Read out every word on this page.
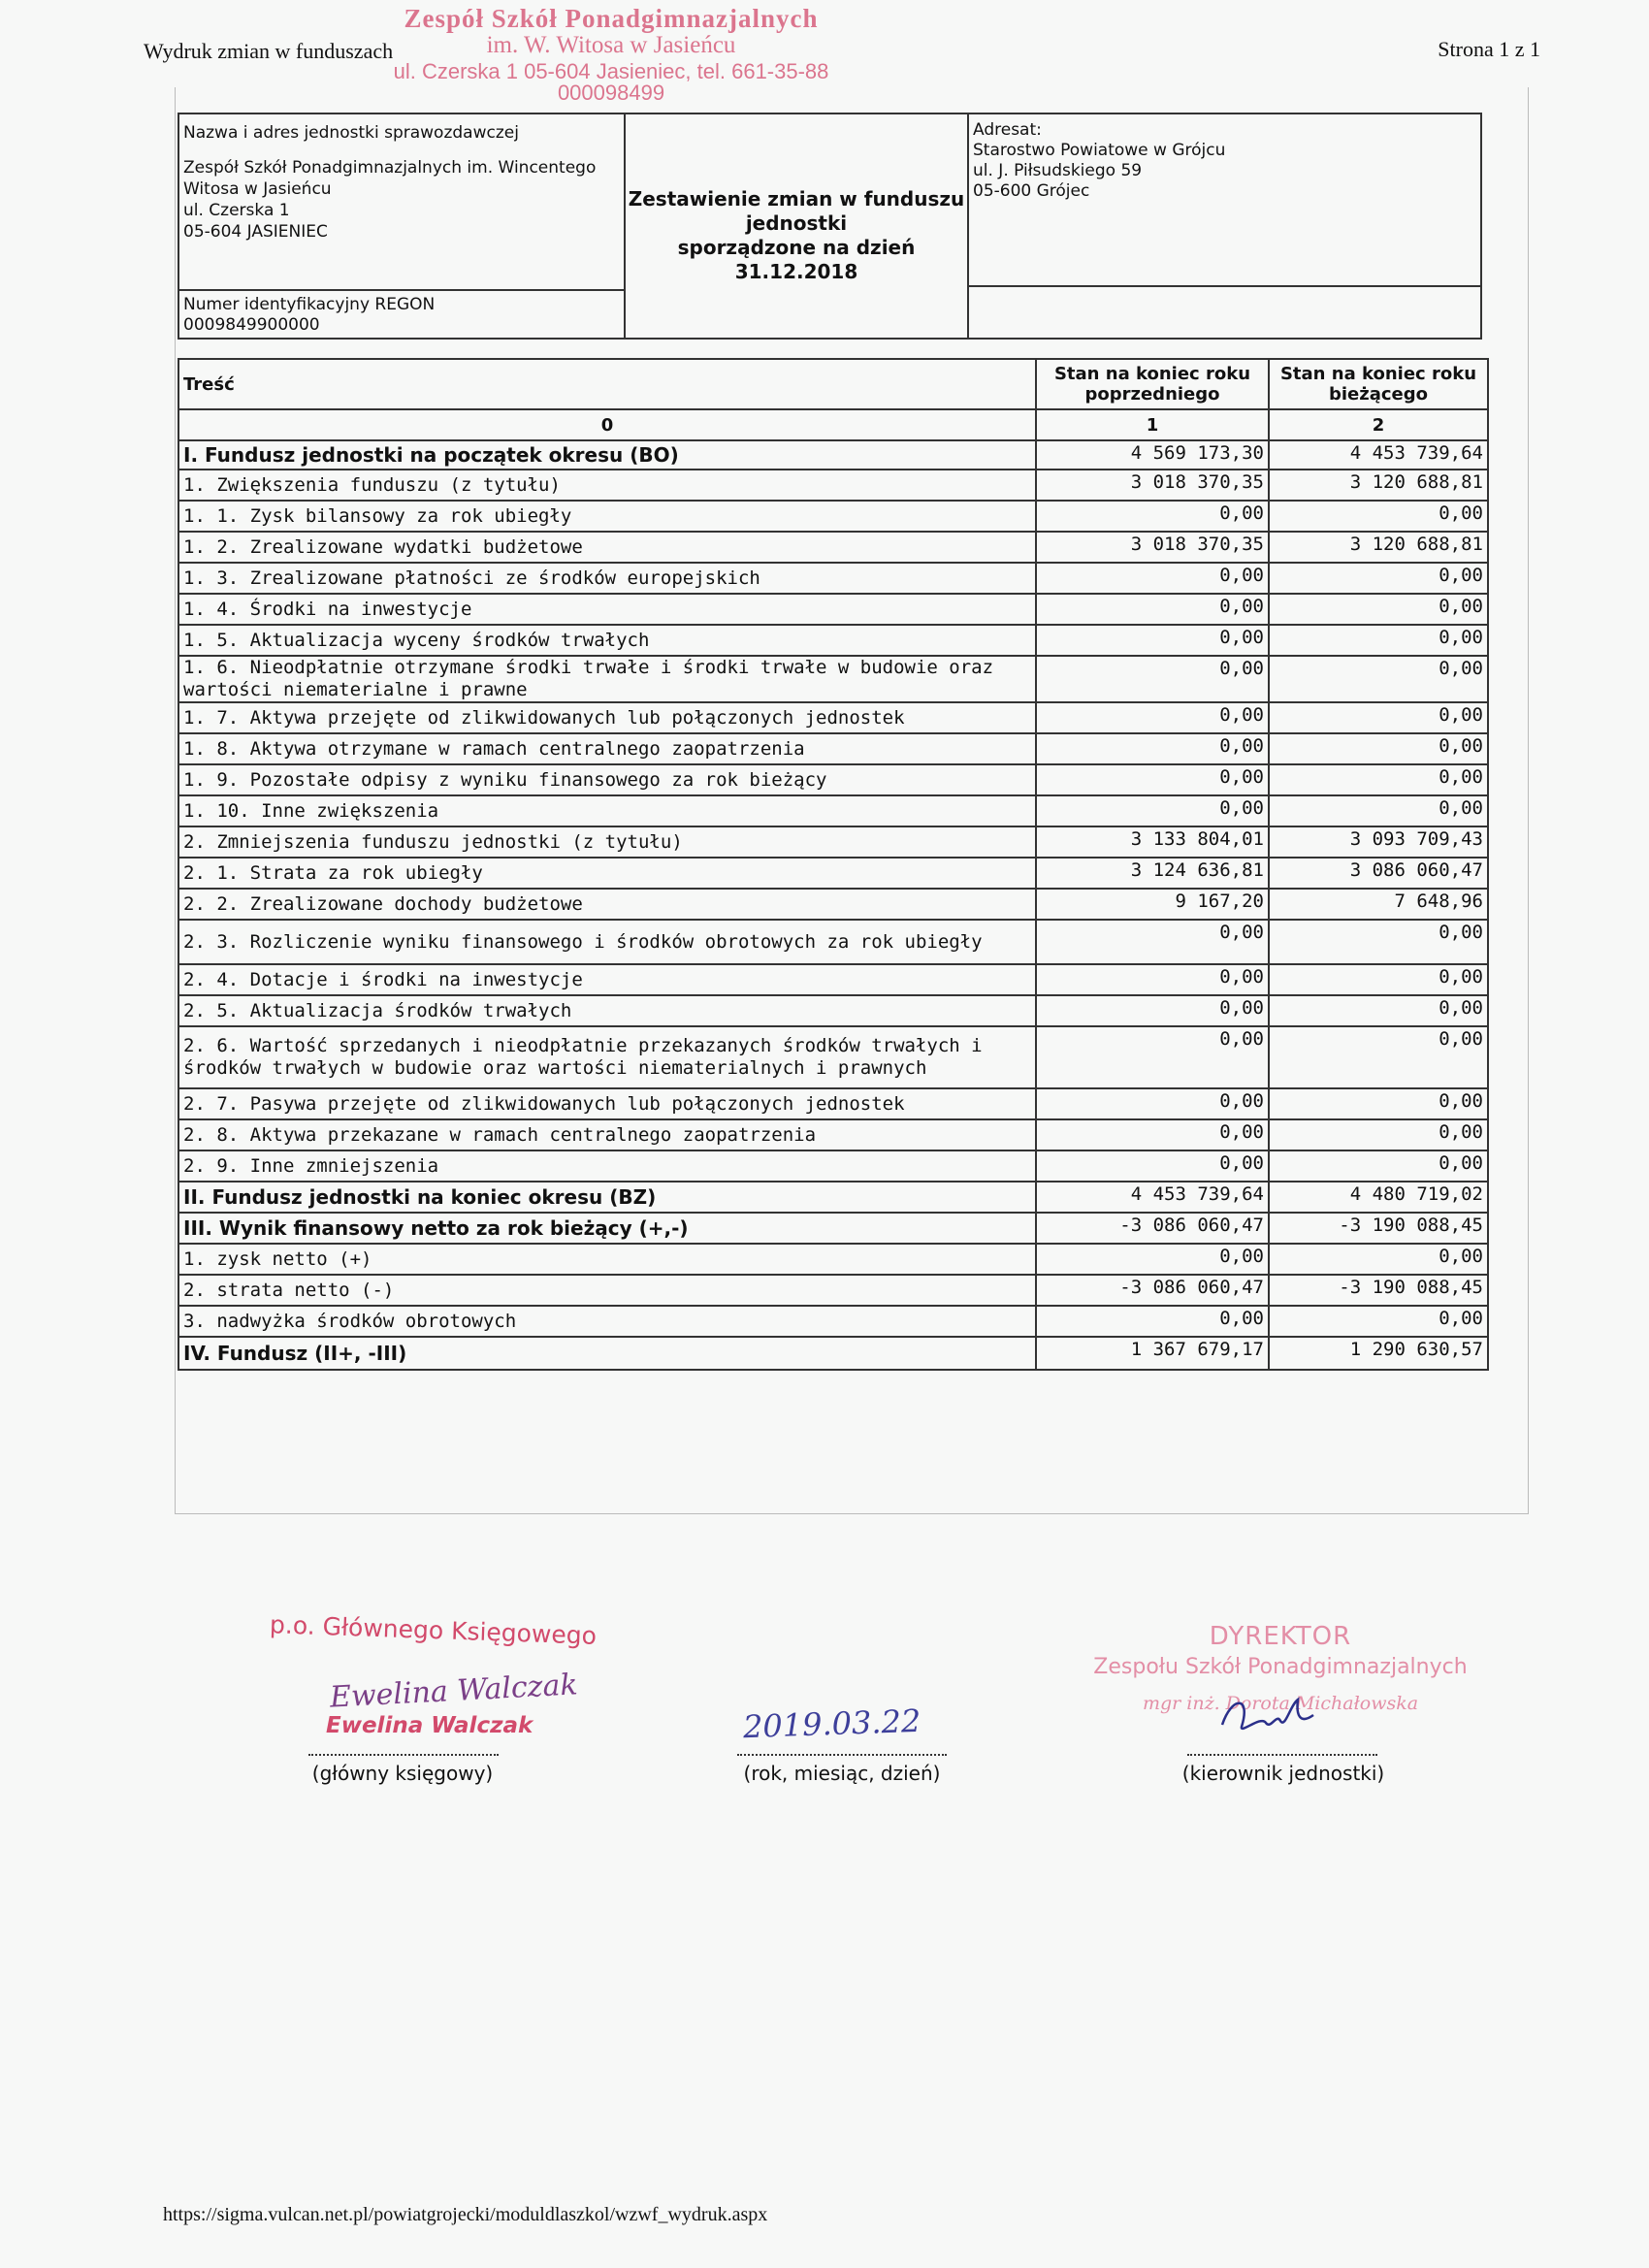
Wydruk zmian w funduszach	Strona 1 z 1
Zespół Szkół Ponadgimnazjalnych
im. W. Witosa w Jasieńcu
ul. Czerska 1 05-604 Jasieniec, tel. 661-35-88
000098499
Nazwa i adres jednostki sprawozdawczej
Zespół Szkół Ponadgimnazjalnych im. Wincentego
Witosa w Jasieńcu
ul. Czerska 1
05-604 JASIENIEC
Numer identyfikacyjny REGON
0009849900000
Zestawienie zmian w funduszu
jednostki
sporządzone na dzień
31.12.2018
Adresat:
Starostwo Powiatowe w Grójcu
ul. J. Piłsudskiego 59
05-600 Grójec
Treść	Stan na koniec roku poprzedniego	Stan na koniec roku bieżącego
0	1	2
I. Fundusz jednostki na początek okresu (BO)	4 569 173,30	4 453 739,64
1. Zwiększenia funduszu (z tytułu)	3 018 370,35	3 120 688,81
1. 1. Zysk bilansowy za rok ubiegły	0,00	0,00
1. 2. Zrealizowane wydatki budżetowe	3 018 370,35	3 120 688,81
1. 3. Zrealizowane płatności ze środków europejskich	0,00	0,00
1. 4. Środki na inwestycje	0,00	0,00
1. 5. Aktualizacja wyceny środków trwałych	0,00	0,00
1. 6. Nieodpłatnie otrzymane środki trwałe i środki trwałe w budowie oraz wartości niematerialne i prawne	0,00	0,00
1. 7. Aktywa przejęte od zlikwidowanych lub połączonych jednostek	0,00	0,00
1. 8. Aktywa otrzymane w ramach centralnego zaopatrzenia	0,00	0,00
1. 9. Pozostałe odpisy z wyniku finansowego za rok bieżący	0,00	0,00
1. 10. Inne zwiększenia	0,00	0,00
2. Zmniejszenia funduszu jednostki (z tytułu)	3 133 804,01	3 093 709,43
2. 1. Strata za rok ubiegły	3 124 636,81	3 086 060,47
2. 2. Zrealizowane dochody budżetowe	9 167,20	7 648,96
2. 3. Rozliczenie wyniku finansowego i środków obrotowych za rok ubiegły	0,00	0,00
2. 4. Dotacje i środki na inwestycje	0,00	0,00
2. 5. Aktualizacja środków trwałych	0,00	0,00
2. 6. Wartość sprzedanych i nieodpłatnie przekazanych środków trwałych i środków trwałych w budowie oraz wartości niematerialnych i prawnych	0,00	0,00
2. 7. Pasywa przejęte od zlikwidowanych lub połączonych jednostek	0,00	0,00
2. 8. Aktywa przekazane w ramach centralnego zaopatrzenia	0,00	0,00
2. 9. Inne zmniejszenia	0,00	0,00
II. Fundusz jednostki na koniec okresu (BZ)	4 453 739,64	4 480 719,02
III. Wynik finansowy netto za rok bieżący (+,-)	-3 086 060,47	-3 190 088,45
1. zysk netto (+)	0,00	0,00
2. strata netto (-)	-3 086 060,47	-3 190 088,45
3. nadwyżka środków obrotowych	0,00	0,00
IV. Fundusz (II+, -III)	1 367 679,17	1 290 630,57
p.o. Głównego Księgowego
Ewelina Walczak
Ewelina Walczak
(główny księgowy)
2019.03.22
(rok, miesiąc, dzień)
DYREKTOR
Zespołu Szkół Ponadgimnazjalnych
mgr inż. Dorota Michałowska
(kierownik jednostki)
https://sigma.vulcan.net.pl/powiatgrojecki/moduldlaszkol/wzwf_wydruk.aspx
